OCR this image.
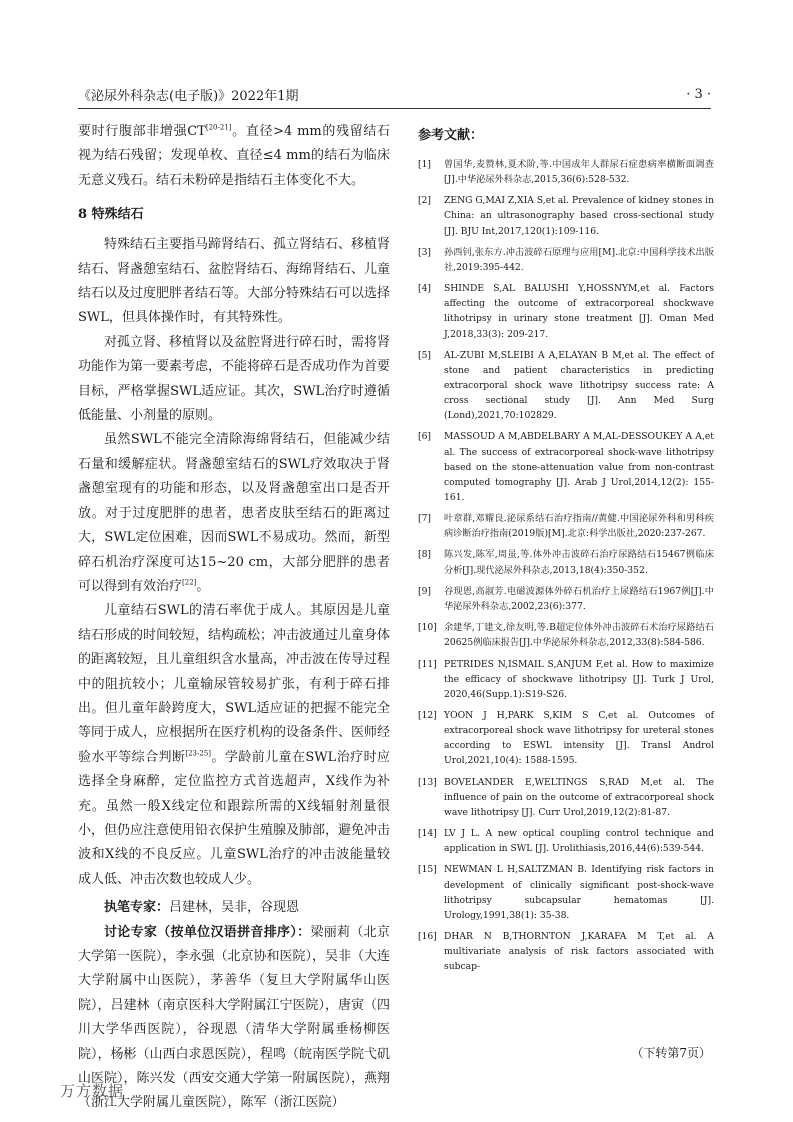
《泌尿外科杂志(电子版)》2022年1期	· 3 ·

要时行腹部非增强CT[20-21]。直径>4 mm的残留结石视为结石残留；发现单枚、直径≤4 mm的结石为临床无意义残石。结石未粉碎是指结石主体变化不大。

8 特殊结石

特殊结石主要指马蹄肾结石、孤立肾结石、移植肾结石、肾盏憩室结石、盆腔肾结石、海绵肾结石、儿童结石以及过度肥胖者结石等。大部分特殊结石可以选择SWL，但具体操作时，有其特殊性。

对孤立肾、移植肾以及盆腔肾进行碎石时，需将肾功能作为第一要素考虑，不能将碎石是否成功作为首要目标，严格掌握SWL适应证。其次，SWL治疗时遵循低能量、小剂量的原则。

虽然SWL不能完全清除海绵肾结石，但能减少结石量和缓解症状。肾盏憩室结石的SWL疗效取决于肾盏憩室现有的功能和形态，以及肾盏憩室出口是否开放。对于过度肥胖的患者，患者皮肤至结石的距离过大，SWL定位困难，因而SWL不易成功。然而，新型碎石机治疗深度可达15~20 cm，大部分肥胖的患者可以得到有效治疗[22]。

儿童结石SWL的清石率优于成人。其原因是儿童结石形成的时间较短，结构疏松；冲击波通过儿童身体的距离较短，且儿童组织含水量高，冲击波在传导过程中的阻抗较小；儿童输尿管较易扩张，有利于碎石排出。但儿童年龄跨度大，SWL适应证的把握不能完全等同于成人，应根据所在医疗机构的设备条件、医师经验水平等综合判断[23-25]。学龄前儿童在SWL治疗时应选择全身麻醉，定位监控方式首选超声，X线作为补充。虽然一般X线定位和跟踪所需的X线辐射剂量很小，但仍应注意使用铅衣保护生殖腺及肺部，避免冲击波和X线的不良反应。儿童SWL治疗的冲击波能量较成人低、冲击次数也较成人少。

执笔专家：吕建林，吴非，谷现恩

讨论专家（按单位汉语拼音排序）：梁丽莉（北京大学第一医院），李永强（北京协和医院），吴非（大连大学附属中山医院），茅善华（复旦大学附属华山医院），吕建林（南京医科大学附属江宁医院），唐寅（四川大学华西医院），谷现恩（清华大学附属垂杨柳医院），杨彬（山西白求恩医院），程鸣（皖南医学院弋矶山医院），陈兴发（西安交通大学第一附属医院），燕翔（浙江大学附属儿童医院），陈军（浙江医院）

参考文献：
[1]	曾国华,麦赞林,夏术阶,等.中国成年人群尿石症患病率横断面调查[J].中华泌尿外科杂志,2015,36(6):528-532.
[2]	ZENG G,MAI Z,XIA S,et al. Prevalence of kidney stones in China: an ultrasonography based cross-sectional study [J]. BJU Int,2017,120(1):109-116.
[3]	孙西钊,张东方.冲击波碎石原理与应用[M].北京:中国科学技术出版社,2019:395-442.
[4]	SHINDE S,AL BALUSHI Y,HOSSNYM,et al. Factors affecting the outcome of extracorporeal shockwave lithotripsy in urinary stone treatment [J]. Oman Med J,2018,33(3): 209-217.
[5]	AL-ZUBI M,SLEIBI A A,ELAYAN B M,et al. The effect of stone and patient characteristics in predicting extracorporal shock wave lithotripsy success rate: A cross sectional study [J]. Ann Med Surg (Lond),2021,70:102829.
[6]	MASSOUD A M,ABDELBARY A M,AL-DESSOUKEY A A,et al. The success of extracorporeal shock-wave lithotripsy based on the stone-attenuation value from non-contrast computed tomography [J]. Arab J Urol,2014,12(2): 155-161.
[7]	叶章群,邓耀良.泌尿系结石治疗指南//黄健.中国泌尿外科和男科疾病诊断治疗指南(2019版)[M].北京:科学出版社,2020:237-267.
[8]	陈兴发,陈军,周虽,等.体外冲击波碎石治疗尿路结石15467例临床分析[J].现代泌尿外科杂志,2013,18(4):350-352.
[9]	谷现恩,高淑芳.电磁波源体外碎石机治疗上尿路结石1967例[J].中华泌尿外科杂志,2002,23(6):377.
[10] 余建华,丁建文,徐友明,等.B超定位体外冲击波碎石术治疗尿路结石20625例临床报告[J].中华泌尿外科杂志,2012,33(8):584-586.
[11] PETRIDES N,ISMAIL S,ANJUM F,et al. How to maximize the efficacy of shockwave lithotripsy [J]. Turk J Urol, 2020,46(Supp.1):S19-S26.
[12] YOON J H,PARK S,KIM S C,et al. Outcomes of extracorporeal shock wave lithotripsy for ureteral stones according to ESWL intensity [J]. Transl Androl Urol,2021,10(4): 1588-1595.
[13] BOVELANDER E,WELTINGS S,RAD M,et al. The influence of pain on the outcome of extracorporeal shock wave lithotripsy [J]. Curr Urol,2019,12(2):81-87.
[14] LV J L. A new optical coupling control technique and application in SWL [J]. Urolithiasis,2016,44(6):539-544.
[15] NEWMAN L H,SALTZMAN B. Identifying risk factors in development of clinically significant post-shock-wave lithotripsy subcapsular hematomas [J]. Urology,1991,38(1): 35-38.
[16] DHAR N B,THORNTON J,KARAFA M T,et al. A multivariate analysis of risk factors associated with subcap-
（下转第7页）
万方数据
